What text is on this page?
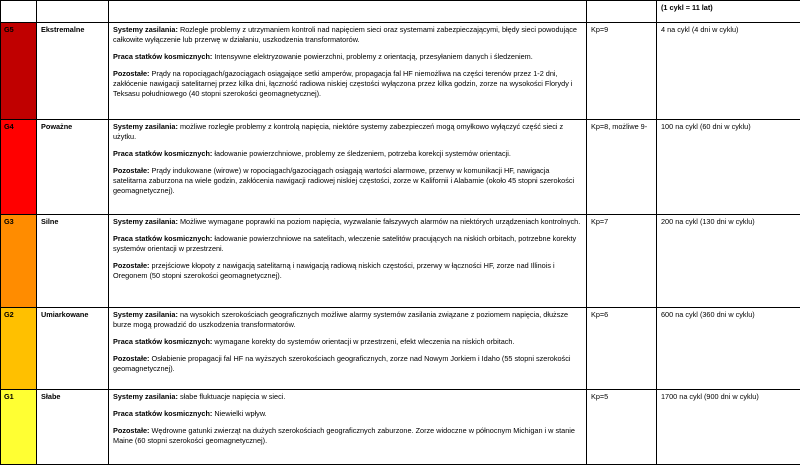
				(1 cykl = 11 lat)
G5	Ekstremalne	Systemy zasilania: Rozległe problemy z utrzymaniem kontroli nad napięciem sieci oraz systemami zabezpieczającymi, błędy sieci powodujące całkowite wyłączenie lub przerwę w działaniu, uszkodzenia transformatorów.
Praca statków kosmicznych: Intensywne elektryzowanie powierzchni, problemy z orientacją, przesyłaniem danych i śledzeniem.
Pozostałe: Prądy na ropociągach/gazociągach osiągające setki amperów, propagacja fal HF niemożliwa na części terenów przez 1-2 dni, zakłócenie nawigacji satelitarnej przez kilka dni, łączność radiowa niskiej częstości wyłączona przez kilka godzin, zorze na wysokości Florydy i Teksasu południowego (40 stopni szerokości geomagnetycznej).	Kp=9	4 na cykl (4 dni w cyklu)
G4	Poważne	Systemy zasilania: możliwe rozległe problemy z kontrolą napięcia, niektóre systemy zabezpieczeń mogą omyłkowo wyłączyć część sieci z użytku.
Praca statków kosmicznych: ładowanie powierzchniowe, problemy ze śledzeniem, potrzeba korekcji systemów orientacji.
Pozostałe: Prądy indukowane (wirowe) w ropociągach/gazociągach osiągają wartości alarmowe, przerwy w komunikacji HF, nawigacja satelitarna zaburzona na wiele godzin, zakłócenia nawigacji radiowej niskiej częstości, zorze w Kalifornii i Alabamie (około 45 stopni szerokości geomagnetycznej).	Kp=8, możliwe 9-	100 na cykl (60 dni w cyklu)
G3	Silne	Systemy zasilania: Możliwe wymagane poprawki na poziom napięcia, wyzwalanie fałszywych alarmów na niektórych urządzeniach kontrolnych.
Praca statków kosmicznych: ładowanie powierzchniowe na satelitach, wleczenie satelitów pracujących na niskich orbitach, potrzebne korekty systemów orientacji w przestrzeni.
Pozostałe: przejściowe kłopoty z nawigacją satelitarną i nawigacją radiową niskich częstości, przerwy w łączności HF, zorze nad Illinois i Oregonem (50 stopni szerokości geomagnetycznej).	Kp=7	200 na cykl (130 dni w cyklu)
G2	Umiarkowane	Systemy zasilania: na wysokich szerokościach geograficznych możliwe alarmy systemów zasilania związane z poziomem napięcia, dłuższe burze mogą prowadzić do uszkodzenia transformatorów.
Praca statków kosmicznych: wymagane korekty do systemów orientacji w przestrzeni, efekt wleczenia na niskich orbitach.
Pozostałe: Osłabienie propagacji fal HF na wyższych szerokościach geograficznych, zorze nad Nowym Jorkiem i Idaho (55 stopni szerokości geomagnetycznej).	Kp=6	600 na cykl (360 dni w cyklu)
G1	Słabe	Systemy zasilania: słabe fluktuacje napięcia w sieci.
Praca statków kosmicznych: Niewielki wpływ.
Pozostałe: Wędrowne gatunki zwierząt na dużych szerokościach geograficznych zaburzone. Zorze widoczne w północnym Michigan i w stanie Maine (60 stopni szerokości geomagnetycznej).	Kp=5	1700 na cykl (900 dni w cyklu)
